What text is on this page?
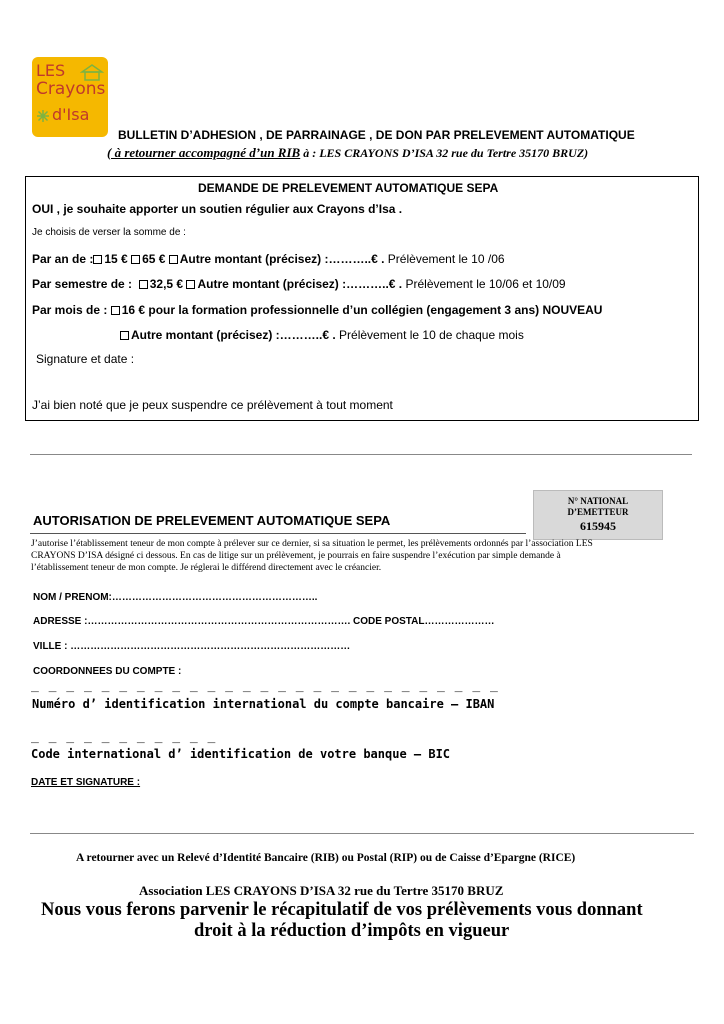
LES
Crayons
d'Isa
BULLETIN D’ADHESION , DE PARRAINAGE , DE DON PAR PRELEVEMENT AUTOMATIQUE
( à retourner accompagné d’un RIB à : LES CRAYONS D’ISA 32 rue du Tertre 35170 BRUZ)
DEMANDE DE PRELEVEMENT AUTOMATIQUE SEPA
OUI , je souhaite apporter un soutien régulier aux Crayons d’Isa .
Je choisis de verser la somme de :
Par an de : 15 € 65 € Autre montant (précisez) :………..€ . Prélèvement le 10 /06
Par semestre de : 32,5 € Autre montant (précisez) :………..€ . Prélèvement le 10/06 et 10/09
Par mois de : 16 € pour la formation professionnelle d’un collégien (engagement 3 ans) NOUVEAU
Autre montant (précisez) :………..€ . Prélèvement le 10 de chaque mois
Signature et date :
J’ai bien noté que je peux suspendre ce prélèvement à tout moment
AUTORISATION DE PRELEVEMENT AUTOMATIQUE SEPA
N° NATIONAL
D’EMETTEUR
615945
J’autorise l’établissement teneur de mon compte à prélever sur ce dernier, si sa situation le permet, les prélèvements ordonnés par l’association LES
CRAYONS D’ISA désigné ci dessous. En cas de litige sur un prélèvement, je pourrais en faire suspendre l’exécution par simple demande à
l’établissement teneur de mon compte. Je réglerai le différend directement avec le créancier.
NOM / PRENOM:……………………………………………………..
ADRESSE :……………………………………………………………………. CODE POSTAL…………………
VILLE : …………………………………………………………………………
COORDONNEES DU COMPTE :
_ _ _ _ _ _ _ _ _ _ _ _ _ _ _ _ _ _ _ _ _ _ _ _ _ _ _
Numéro d’ identification international du compte bancaire – IBAN
_ _ _ _ _ _ _ _ _ _ _
Code international d’ identification de votre banque – BIC
DATE ET SIGNATURE :
A retourner avec un Relevé d’Identité Bancaire (RIB) ou Postal (RIP) ou de Caisse d’Epargne (RICE)
Association LES CRAYONS D’ISA 32 rue du Tertre 35170 BRUZ
Nous vous ferons parvenir le récapitulatif de vos prélèvements vous donnant
droit à la réduction d’impôts en vigueur
